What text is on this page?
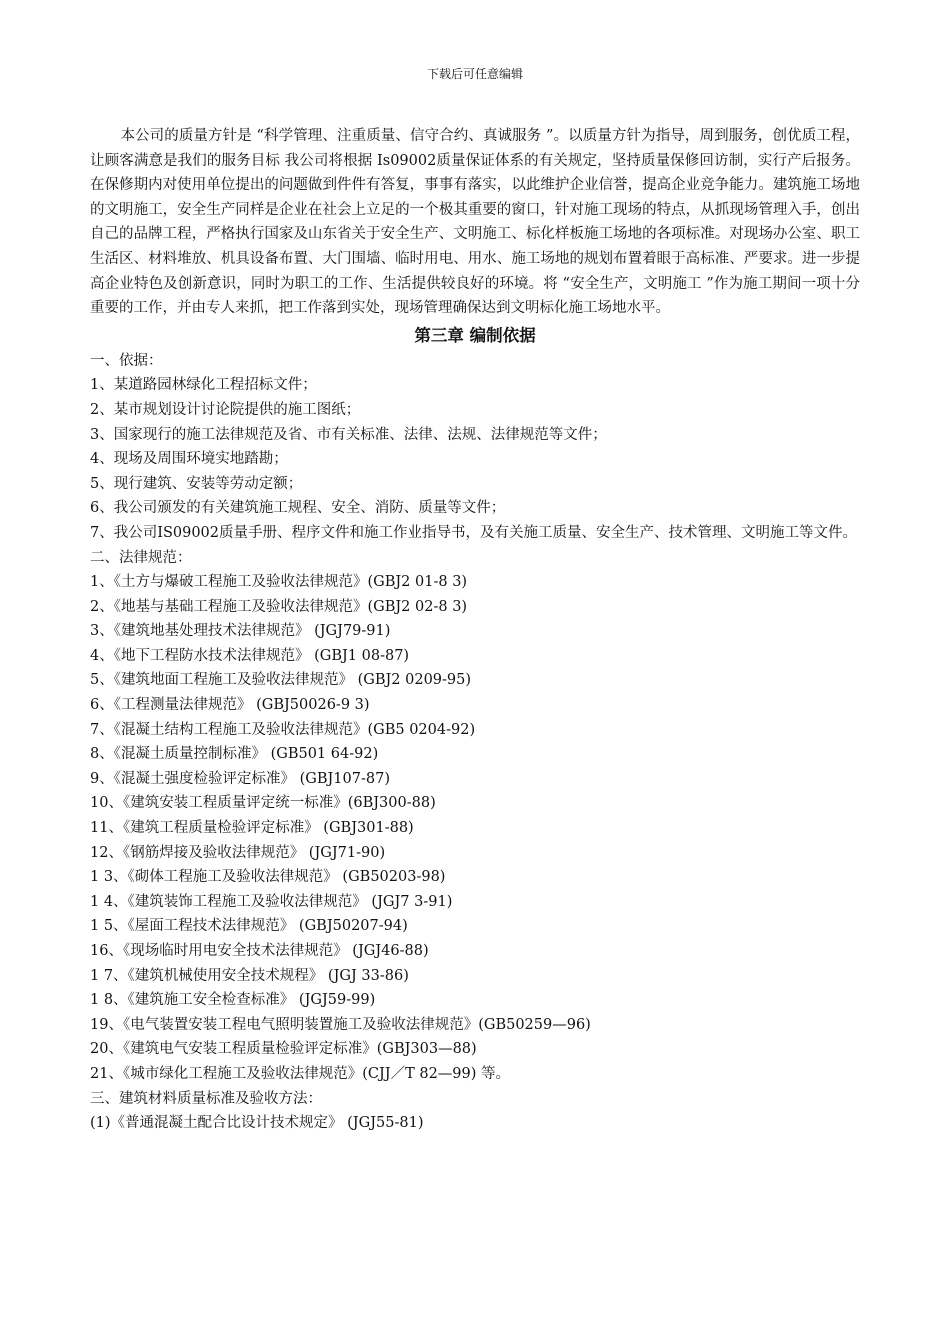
下载后可任意编辑

本公司的质量方针是 “科学管理、注重质量、信守合约、真诚服务 ”。以质量方针为指导，周到服务，创优质工程，让顾客满意是我们的服务目标 我公司将根据 Is09002质量保证体系的有关规定，坚持质量保修回访制，实行产后报务。在保修期内对使用单位提出的问题做到件件有答复，事事有落实，以此维护企业信誉，提高企业竞争能力。建筑施工场地的文明施工，安全生产同样是企业在社会上立足的一个极其重要的窗口，针对施工现场的特点，从抓现场管理入手，创出自己的品牌工程，严格执行国家及山东省关于安全生产、文明施工、标化样板施工场地的各项标准。对现场办公室、职工生活区、材料堆放、机具设备布置、大门围墙、临时用电、用水、施工场地的规划布置着眼于高标准、严要求。进一步提高企业特色及创新意识，同时为职工的工作、生活提供较良好的环境。将 “安全生产，文明施工 ”作为施工期间一项十分重要的工作，并由专人来抓，把工作落到实处，现场管理确保达到文明标化施工场地水平。

第三章 编制依据

一、依据：

1、某道路园林绿化工程招标文件；

2、某市规划设计讨论院提供的施工图纸；

3、国家现行的施工法律规范及省、市有关标准、法律、法规、法律规范等文件；

4、现场及周围环境实地踏勘；

5、现行建筑、安装等劳动定额；

6、我公司颁发的有关建筑施工规程、安全、消防、质量等文件；

7、我公司IS09002质量手册、程序文件和施工作业指导书，及有关施工质量、安全生产、技术管理、文明施工等文件。

二、法律规范：

1、《土方与爆破工程施工及验收法律规范》(GBJ2 01-8 3)

2、《地基与基础工程施工及验收法律规范》(GBJ2 02-8 3)

3、《建筑地基处理技术法律规范》 (JGJ79-91)

4、《地下工程防水技术法律规范》 (GBJ1 08-87)

5、《建筑地面工程施工及验收法律规范》 (GBJ2 0209-95)

6、《工程测量法律规范》 (GBJ50026-9 3)

7、《混凝土结构工程施工及验收法律规范》(GB5 0204-92)

8、《混凝土质量控制标准》 (GB501 64-92)

9、《混凝土强度检验评定标准》 (GBJ107-87)

10、《建筑安装工程质量评定统一标准》(6BJ300-88)

11、《建筑工程质量检验评定标准》 (GBJ301-88)

12、《钢筋焊接及验收法律规范》 (JGJ71-90)

1 3、《砌体工程施工及验收法律规范》 (GB50203-98)

1 4、《建筑装饰工程施工及验收法律规范》 (JGJ7 3-91)

1 5、《屋面工程技术法律规范》 (GBJ50207-94)

16、《现场临时用电安全技术法律规范》 (JGJ46-88)

1 7、《建筑机械使用安全技术规程》 (JGJ 33-86)

1 8、《建筑施工安全检查标准》 (JGJ59-99)

19、《电气装置安装工程电气照明装置施工及验收法律规范》(GB50259—96)

20、《建筑电气安装工程质量检验评定标准》(GBJ303—88)

21、《城市绿化工程施工及验收法律规范》(CJJ／T 82—99) 等。

三、建筑材料质量标准及验收方法：

(1)《普通混凝土配合比设计技术规定》 (JGJ55-81)
